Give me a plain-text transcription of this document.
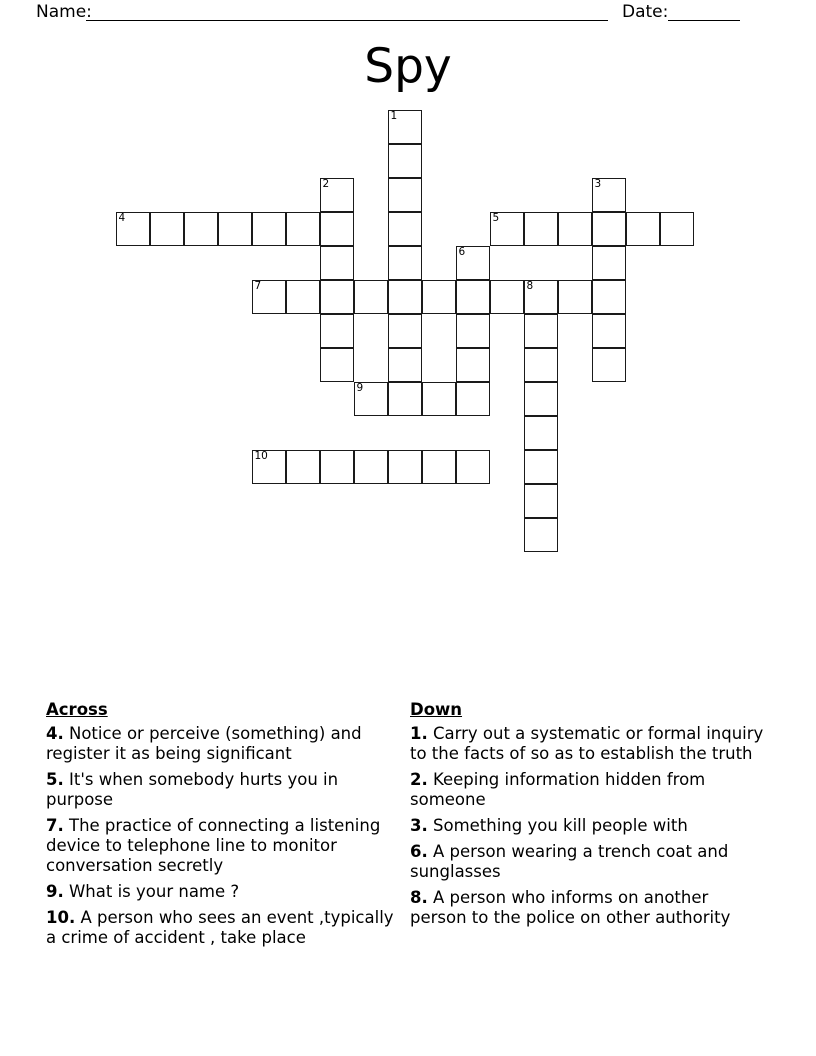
Name:	Date:
Spy
1
2	3
4	5
6
7	8
9
10
Across

4. Notice or perceive (something) and register it as being significant

5. It's when somebody hurts you in purpose

7. The practice of connecting a listening device to telephone line to monitor conversation secretly

9. What is your name ?

10. A person who sees an event ,typically a crime of accident , take place

Down

1. Carry out a systematic or formal inquiry to the facts of so as to establish the truth

2. Keeping information hidden from someone

3. Something you kill people with

6. A person wearing a trench coat and sunglasses

8. A person who informs on another person to the police on other authority
